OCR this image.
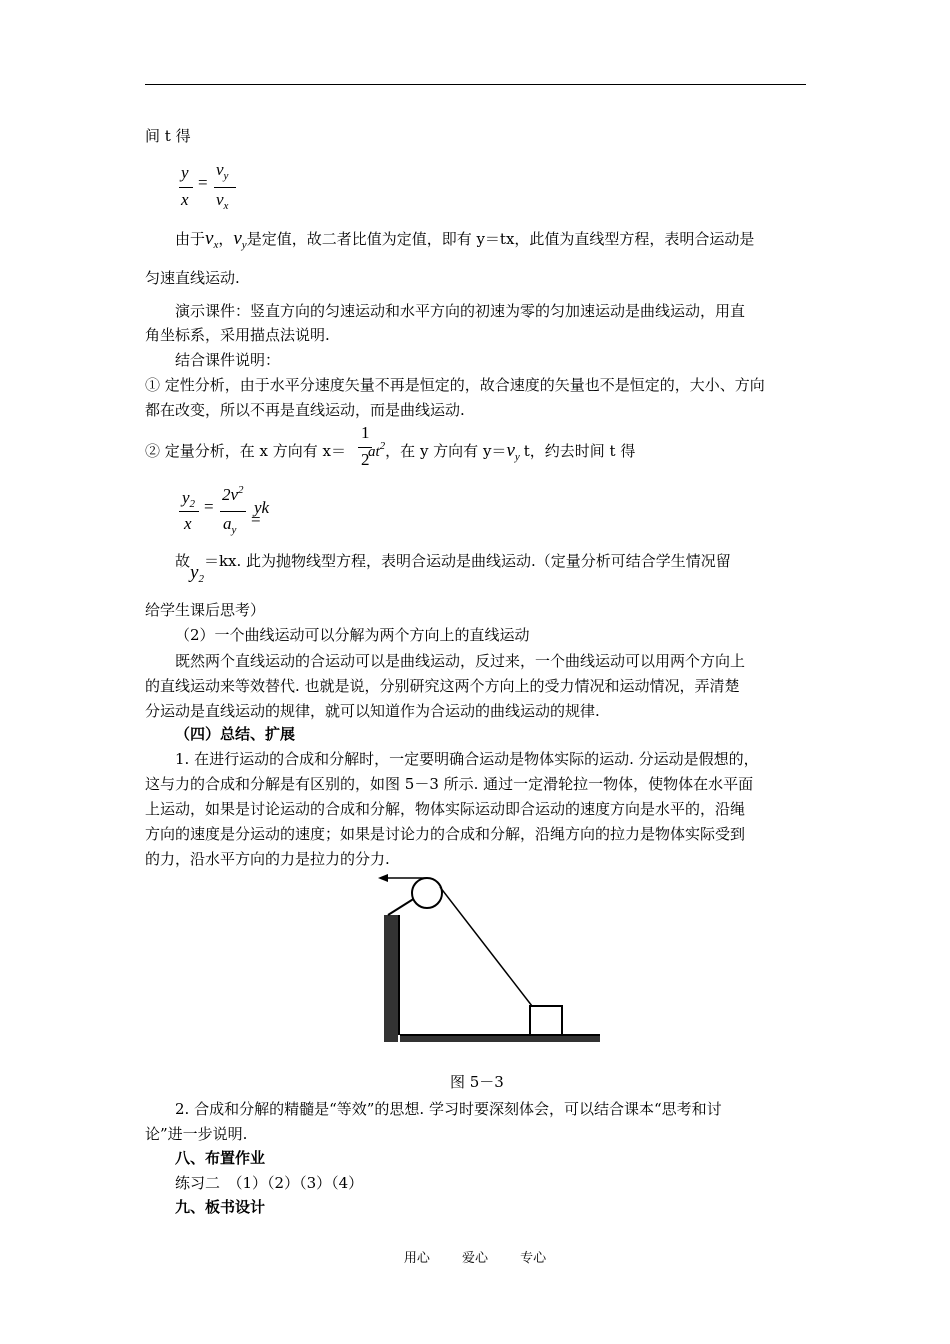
间 t 得
y
x
=
$v_y$
$v_x$
由于$v_x$，$v_y$是定值，故二者比值为定值，即有 y＝tx，此值为直线型方程，表明合运动是
匀速直线运动.
演示课件：竖直方向的匀速运动和水平方向的初速为零的匀加速运动是曲线运动，用直
角坐标系，采用描点法说明.
结合课件说明：
① 定性分析，由于水平分速度矢量不再是恒定的，故合速度的矢量也不是恒定的，大小、方向
都在改变，所以不再是直线运动，而是曲线运动.
② 定量分析，在 x 方向有 $x= at^2$，在 y 方向有 $y=v_y$ t，约去时间 t 得
1
2
$y_2$
x
=
$2v^2$
$a_y$
yk
=
故$y_2=kx$. 此为抛物线型方程，表明合运动是曲线运动.（定量分析可结合学生情况留
给学生课后思考）
（2）一个曲线运动可以分解为两个方向上的直线运动
既然两个直线运动的合运动可以是曲线运动，反过来，一个曲线运动可以用两个方向上
的直线运动来等效替代. 也就是说，分别研究这两个方向上的受力情况和运动情况，弄清楚
分运动是直线运动的规律，就可以知道作为合运动的曲线运动的规律.
（四）总结、扩展
1. 在进行运动的合成和分解时，一定要明确合运动是物体实际的运动. 分运动是假想的，
这与力的合成和分解是有区别的，如图 5－3 所示. 通过一定滑轮拉一物体，使物体在水平面
上运动，如果是讨论运动的合成和分解，物体实际运动即合运动的速度方向是水平的，沿绳
方向的速度是分运动的速度；如果是讨论力的合成和分解，沿绳方向的拉力是物体实际受到
的力，沿水平方向的力是拉力的分力.
图 5－3
2. 合成和分解的精髓是“等效”的思想. 学习时要深刻体会，可以结合课本“思考和讨
论”进一步说明.
八、布置作业
练习二　（1）（2）（3）（4）
九、板书设计
用心 爱心 专心
